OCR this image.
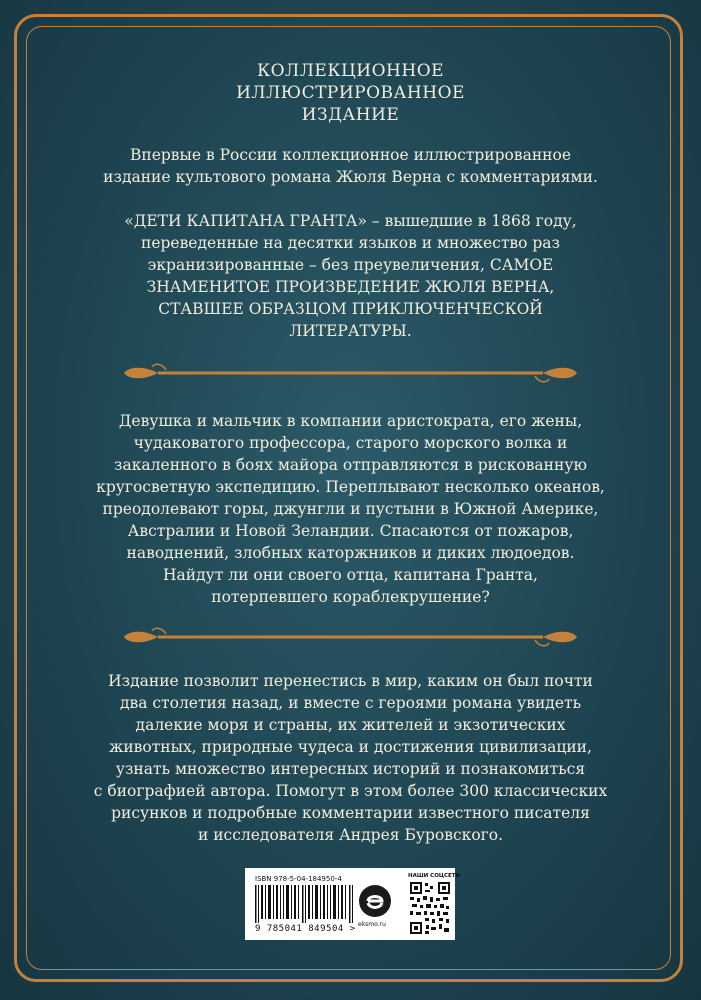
КОЛЛЕКЦИОННОЕ

ИЛЛЮСТРИРОВАННОЕ

ИЗДАНИЕ

Впервые в России коллекционное иллюстрированное

издание культового романа Жюля Верна с комментариями.

«ДЕТИ КАПИТАНА ГРАНТА» – вышедшие в 1868 году,

переведенные на десятки языков и множество раз

экранизированные – без преувеличения, САМОЕ

ЗНАМЕНИТОЕ ПРОИЗВЕДЕНИЕ ЖЮЛЯ ВЕРНА,

СТАВШЕЕ ОБРАЗЦОМ ПРИКЛЮЧЕНЧЕСКОЙ

ЛИТЕРАТУРЫ.

Девушка и мальчик в компании аристократа, его жены,

чудаковатого профессора, старого морского волка и

закаленного в боях майора отправляются в рискованную

кругосветную экспедицию. Переплывают несколько океанов,

преодолевают горы, джунгли и пустыни в Южной Америке,

Австралии и Новой Зеландии. Спасаются от пожаров,

наводнений, злобных каторжников и диких людоедов.

Найдут ли они своего отца, капитана Гранта,

потерпевшего кораблекрушение?

Издание позволит перенестись в мир, каким он был почти

два столетия назад, и вместе с героями романа увидеть

далекие моря и страны, их жителей и экзотических

животных, природные чудеса и достижения цивилизации,

узнать множество интересных историй и познакомиться

с биографией автора. Помогут в этом более 300 классических

рисунков и подробные комментарии известного писателя

и исследователя Андрея Буровского.

ISBN 978-5-04-184950-4
9 785041 849504 > eksmo.ru
НАШИ СОЦСЕТИ
